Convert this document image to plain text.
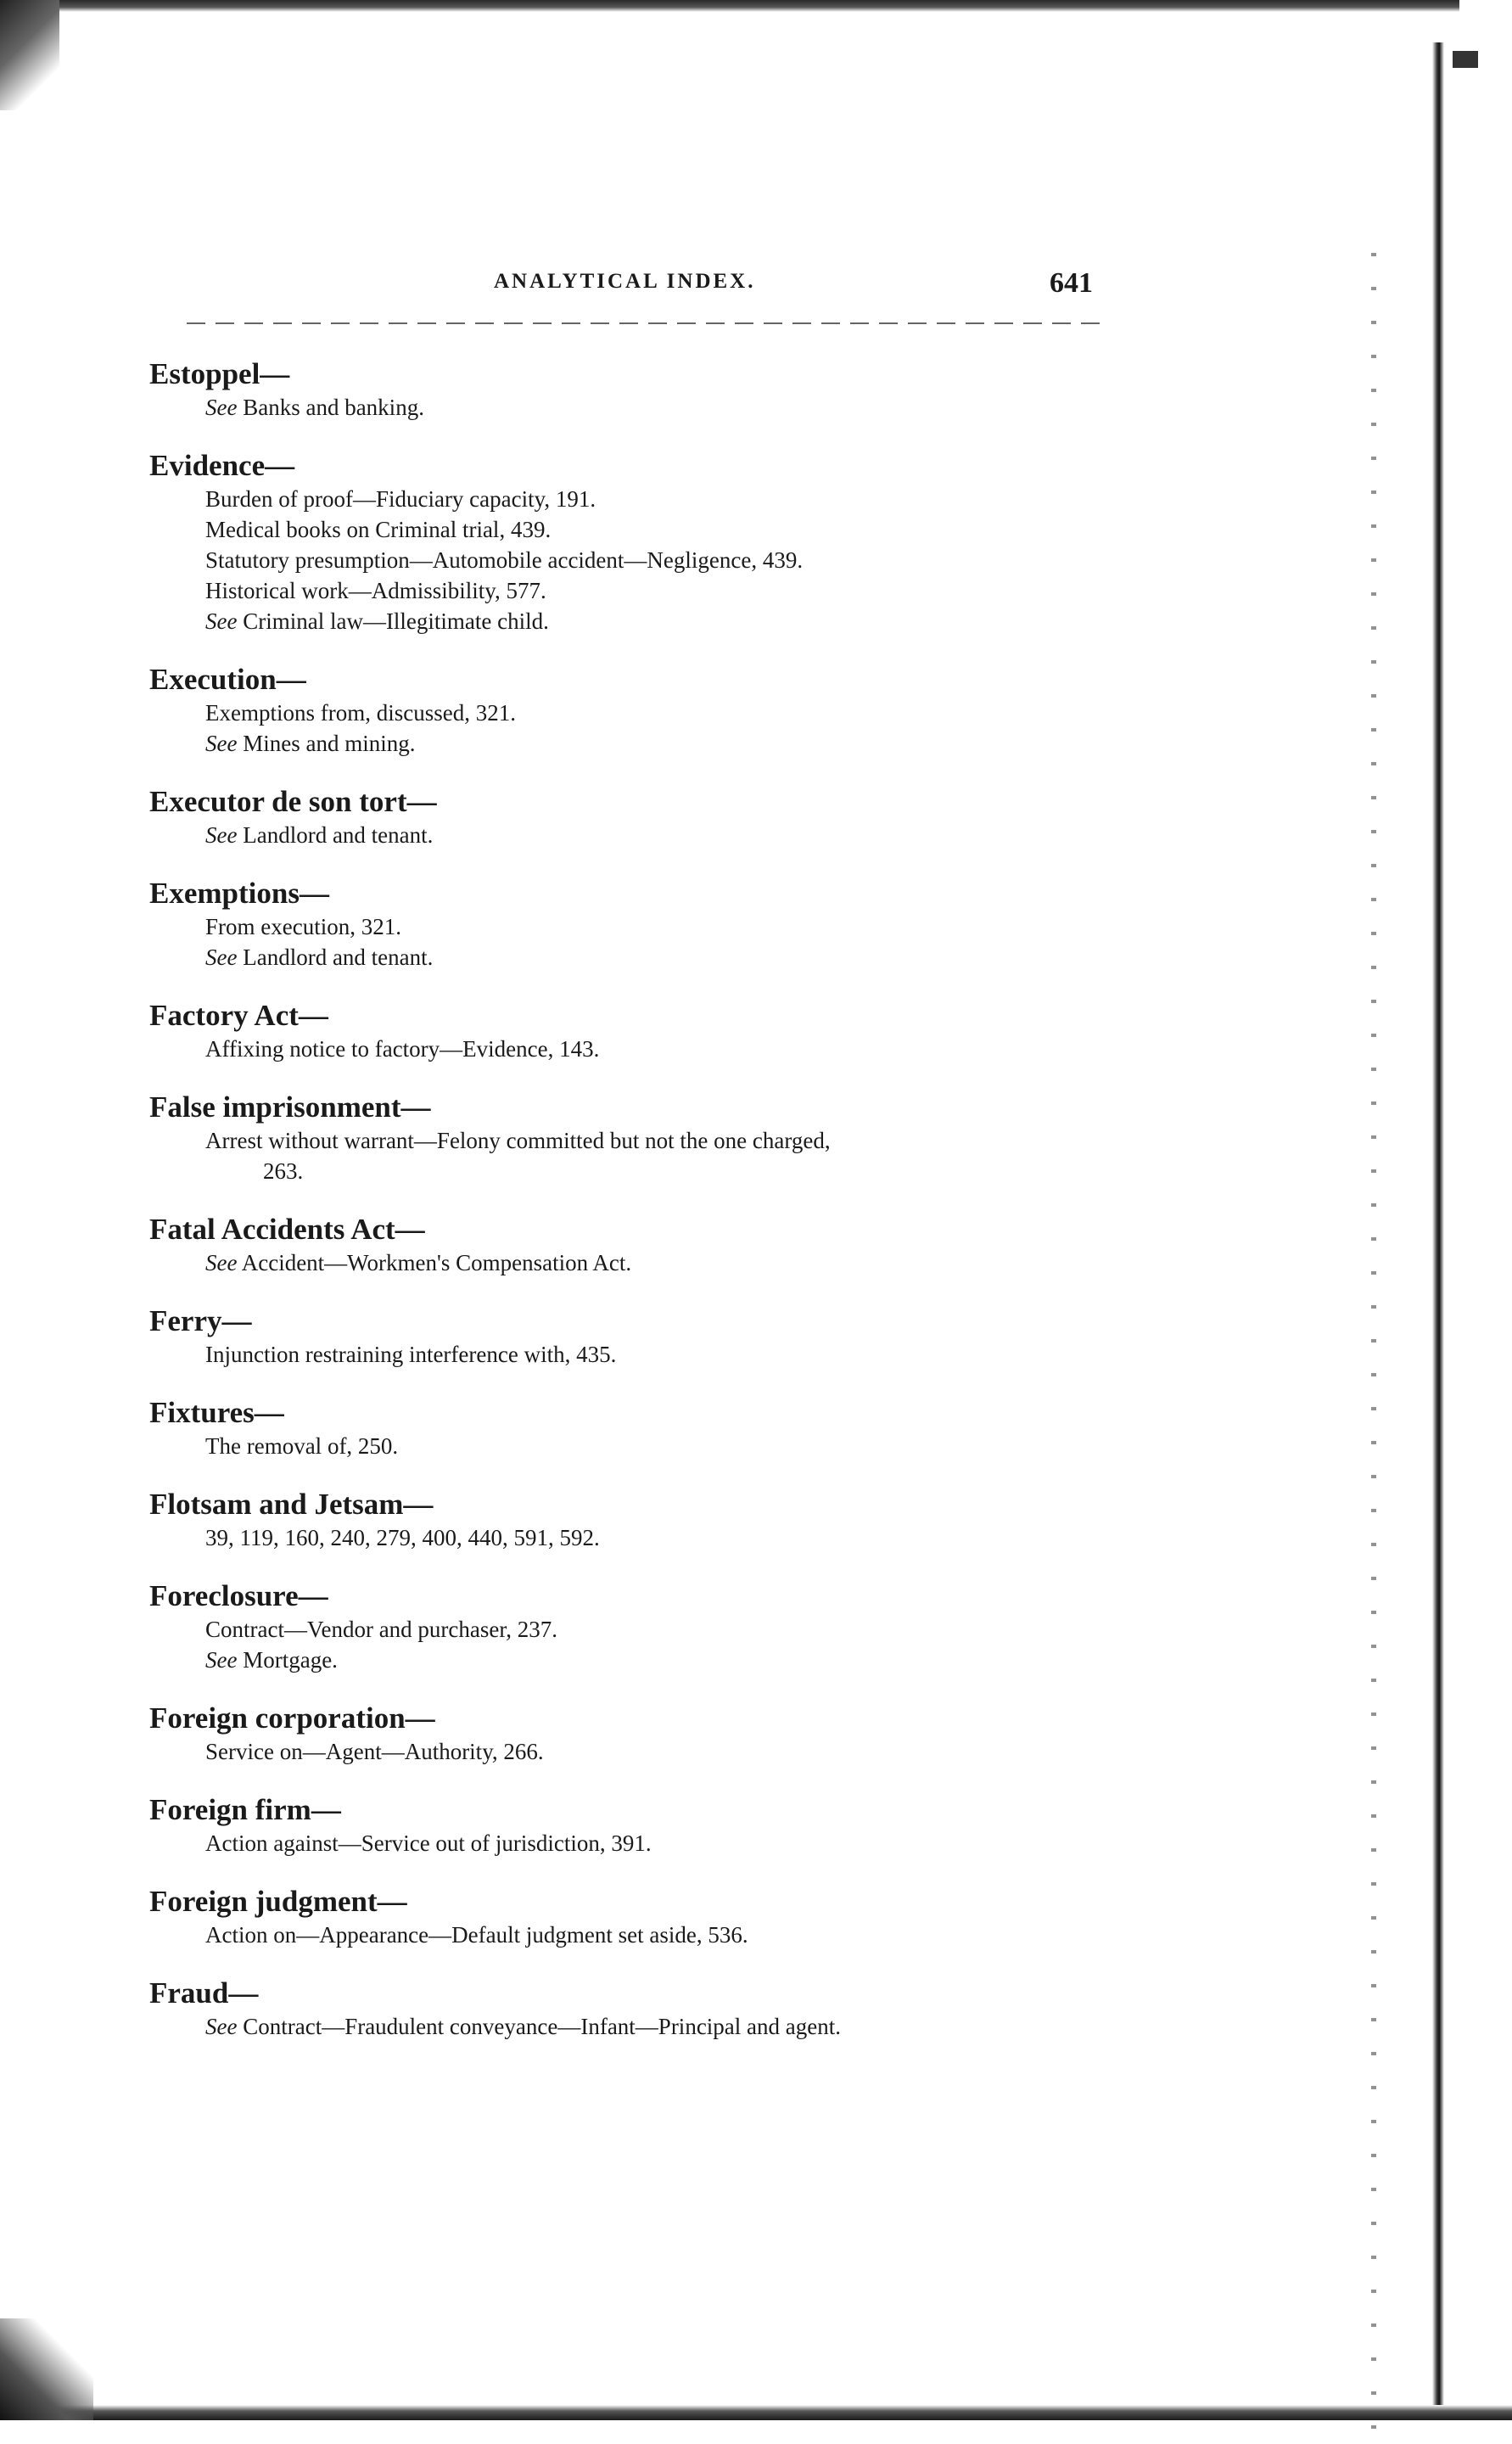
ANALYTICAL INDEX.	641
Estoppel—
See Banks and banking.
Evidence—
Burden of proof—Fiduciary capacity, 191.
Medical books on Criminal trial, 439.
Statutory presumption—Automobile accident—Negligence, 439.
Historical work—Admissibility, 577.
See Criminal law—Illegitimate child.
Execution—
Exemptions from, discussed, 321.
See Mines and mining.
Executor de son tort—
See Landlord and tenant.
Exemptions—
From execution, 321.
See Landlord and tenant.
Factory Act—
Affixing notice to factory—Evidence, 143.
False imprisonment—
Arrest without warrant—Felony committed but not the one charged,
263.
Fatal Accidents Act—
See Accident—Workmen's Compensation Act.
Ferry—
Injunction restraining interference with, 435.
Fixtures—
The removal of, 250.
Flotsam and Jetsam—
39, 119, 160, 240, 279, 400, 440, 591, 592.
Foreclosure—
Contract—Vendor and purchaser, 237.
See Mortgage.
Foreign corporation—
Service on—Agent—Authority, 266.
Foreign firm—
Action against—Service out of jurisdiction, 391.
Foreign judgment—
Action on—Appearance—Default judgment set aside, 536.
Fraud—
See Contract—Fraudulent conveyance—Infant—Principal and agent.
